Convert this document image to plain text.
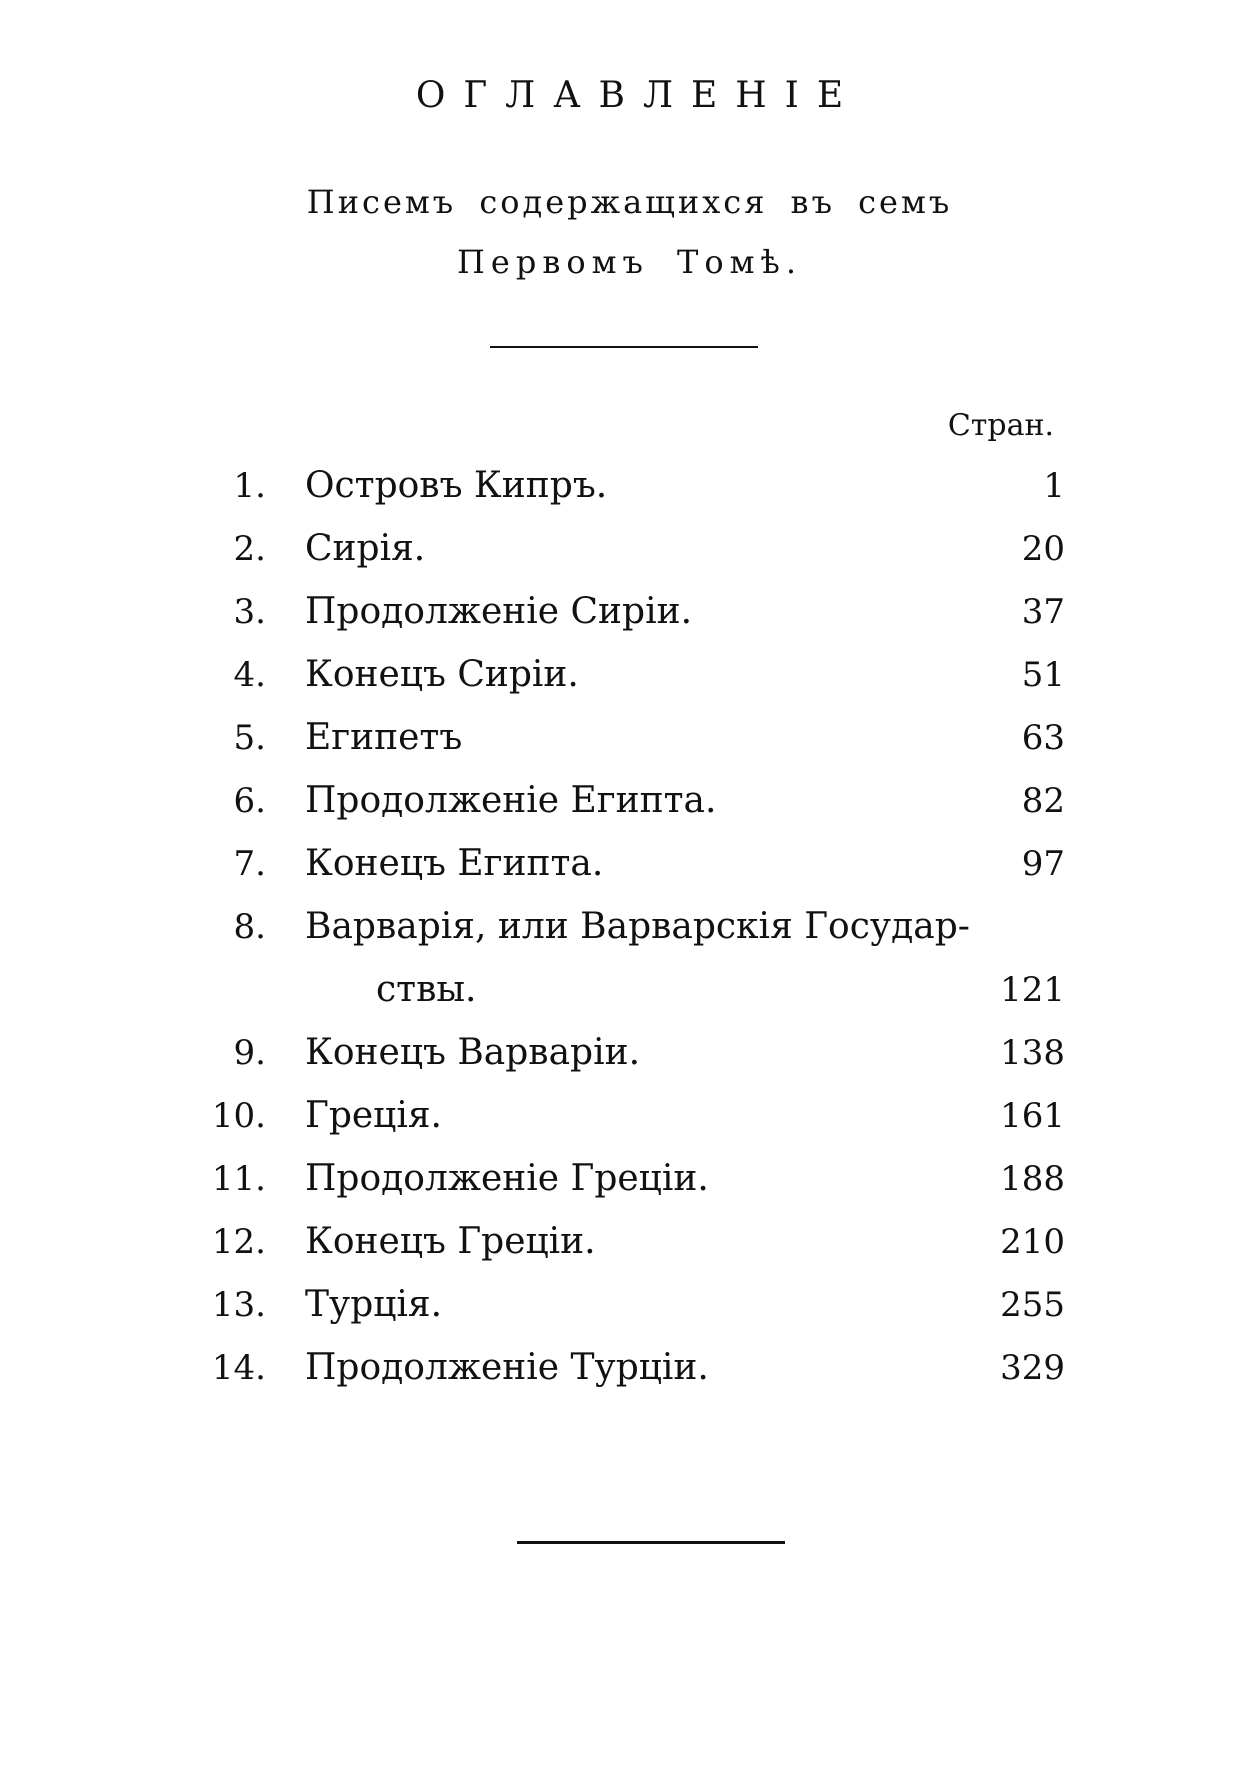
ОГЛАВЛЕНІЕ
Писемъ содержащихся въ семъ
Первомъ Томѣ.
Стран.
1. Островъ Кипръ.	1
2. Сирія.	20
3. Продолженіе Сиріи.	37
4. Конецъ Сиріи.	51
5. Египетъ	63
6. Продолженіе Египта.	82
7. Конецъ Египта.	97
8. Варварія, или Варварскія Государ-
ствы.	121
9. Конецъ Варваріи.	138
10. Греція.	161
11. Продолженіе Греціи.	188
12. Конецъ Греціи.	210
13. Турція.	255
14. Продолженіе Турціи.	329
